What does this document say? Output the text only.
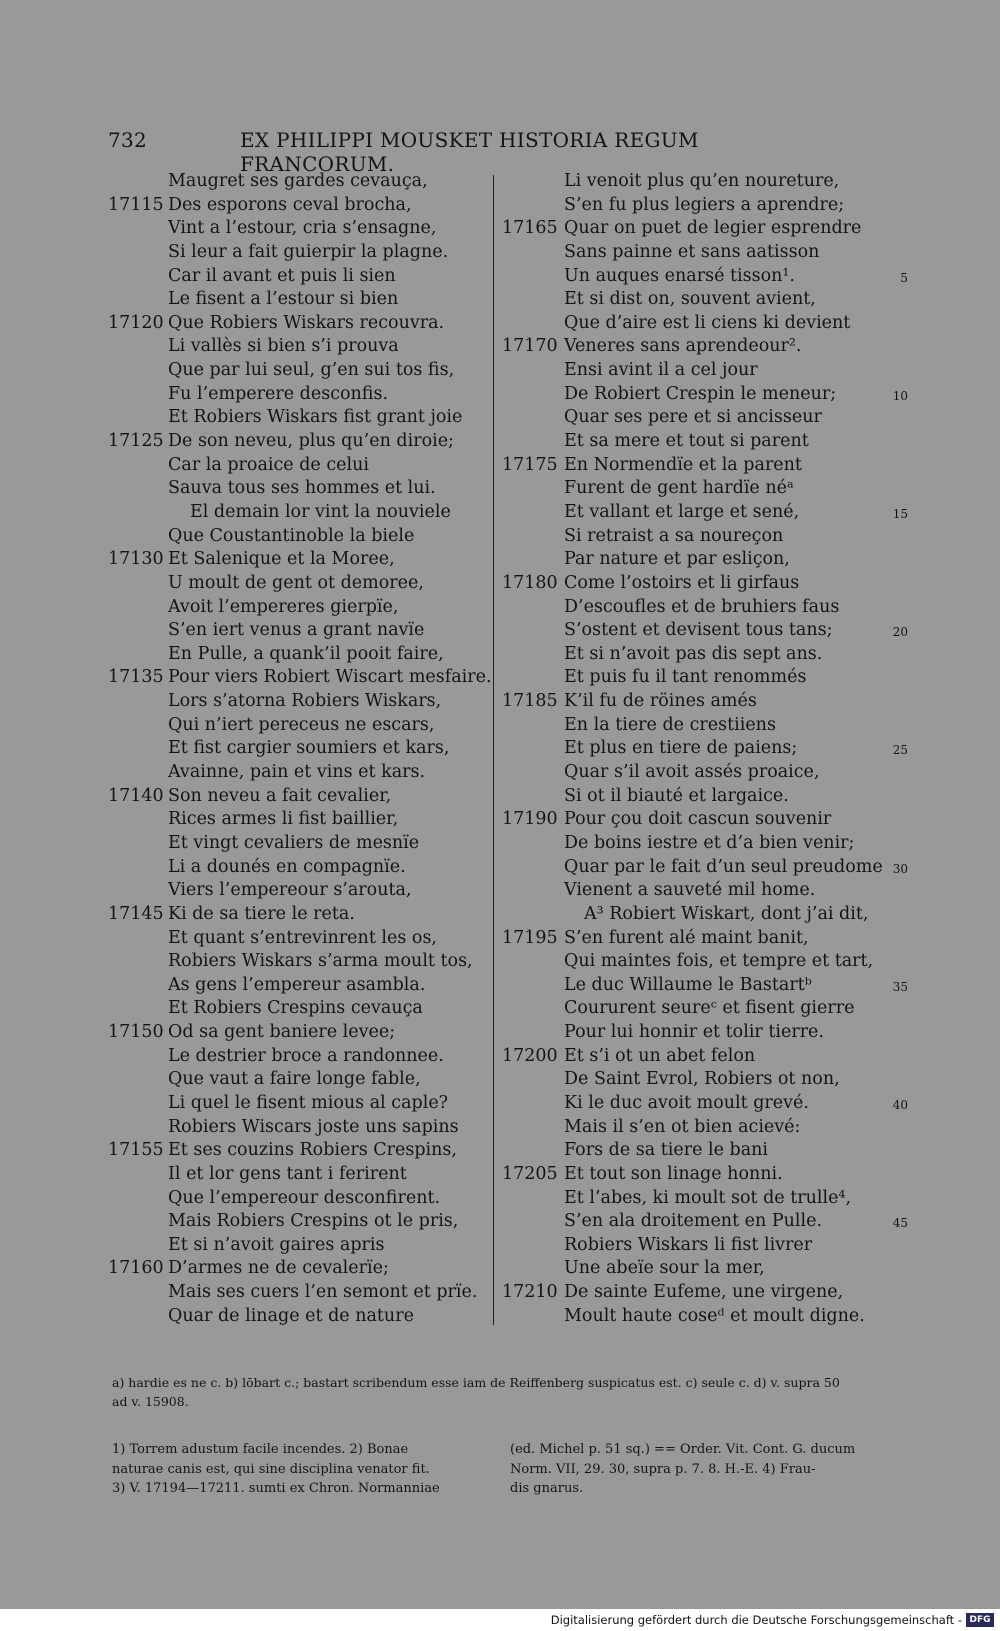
732	EX PHILIPPI MOUSKET HISTORIA REGUM FRANCORUM.
Maugret ses gardes cevauça,
17115 Des esporons ceval brocha,
Vint a l’estour, cria s’ensagne,
Si leur a fait guierpir la plagne.
Car il avant et puis li sien
Le fisent a l’estour si bien
17120 Que Robiers Wiskars recouvra.
Li vallès si bien s’i prouva
Que par lui seul, g’en sui tos fis,
Fu l’emperere desconfis.
Et Robiers Wiskars fist grant joie
17125 De son neveu, plus qu’en diroie;
Car la proaice de celui
Sauva tous ses hommes et lui.
El demain lor vint la nouviele
Que Coustantinoble la biele
17130 Et Salenique et la Moree,
U moult de gent ot demoree,
Avoit l’empereres gierpïe,
S’en iert venus a grant navïe
En Pulle, a quank’il pooit faire,
17135 Pour viers Robiert Wiscart mesfaire.
Lors s’atorna Robiers Wiskars,
Qui n’iert pereceus ne escars,
Et fist cargier soumiers et kars,
Avainne, pain et vins et kars.
17140 Son neveu a fait cevalier,
Rices armes li fist baillier,
Et vingt cevaliers de mesnïe
Li a dounés en compagnïe.
Viers l’empereour s’arouta,
17145 Ki de sa tiere le reta.
Et quant s’entrevinrent les os,
Robiers Wiskars s’arma moult tos,
As gens l’empereur asambla.
Et Robiers Crespins cevauça
17150 Od sa gent baniere levee;
Le destrier broce a randonnee.
Que vaut a faire longe fable,
Li quel le fisent mious al caple?
Robiers Wiscars joste uns sapins
17155 Et ses couzins Robiers Crespins,
Il et lor gens tant i ferirent
Que l’empereour desconfirent.
Mais Robiers Crespins ot le pris,
Et si n’avoit gaires apris
17160 D’armes ne de cevalerïe;
Mais ses cuers l’en semont et prïe.
Quar de linage et de nature
Li venoit plus qu’en noureture,
S’en fu plus legiers a aprendre;
17165 Quar on puet de legier esprendre
Sans painne et sans aatisson
Un auques enarsé tisson¹.	5
Et si dist on, souvent avient,
Que d’aire est li ciens ki devient
17170 Veneres sans aprendeour².
Ensi avint il a cel jour
De Robiert Crespin le meneur;	10
Quar ses pere et si ancisseur
Et sa mere et tout si parent
17175 En Normendïe et la parent
Furent de gent hardïe néᵃ
Et vallant et large et sené,	15
Si retraist a sa noureçon
Par nature et par esliçon,
17180 Come l’ostoirs et li girfaus
D’escoufles et de bruhiers faus
S’ostent et devisent tous tans;	20
Et si n’avoit pas dis sept ans.
Et puis fu il tant renommés
17185 K’il fu de röines amés
En la tiere de crestiiens
Et plus en tiere de paiens;	25
Quar s’il avoit assés proaice,
Si ot il biauté et largaice.
17190 Pour çou doit cascun souvenir
De boins iestre et d’a bien venir;
Quar par le fait d’un seul preudome 30
Vienent a sauveté mil home.
A³ Robiert Wiskart, dont j’ai dit,
17195 S’en furent alé maint banit,
Qui maintes fois, et tempre et tart,
Le duc Willaume le Bastartᵇ	35
Coururent seureᶜ et fisent gierre
Pour lui honnir et tolir tierre.
17200 Et s’i ot un abet felon
De Saint Evrol, Robiers ot non,
Ki le duc avoit moult grevé.	40
Mais il s’en ot bien acievé:
Fors de sa tiere le bani
17205 Et tout son linage honni.
Et l’abes, ki moult sot de trulle⁴,
S’en ala droitement en Pulle.	45
Robiers Wiskars li fist livrer
Une abeïe sour la mer,
17210 De sainte Eufeme, une virgene,
Moult haute coseᵈ et moult digne.
a) hardie es ne c. b) lōbart c.; bastart scribendum esse iam de Reiffenberg suspicatus est. c) seule c. d) v. supra 50
ad v. 15908.
1) Torrem adustum facile incendes. 2) Bonae
naturae canis est, qui sine disciplina venator fit.
3) V. 17194—17211. sumti ex Chron. Normanniae
(ed. Michel p. 51 sq.) == Order. Vit. Cont. G. ducum
Norm. VII, 29. 30, supra p. 7. 8. H.-E. 4) Frau-
dis gnarus.
Digitalisierung gefördert durch die Deutsche Forschungsgemeinschaft - DFG
